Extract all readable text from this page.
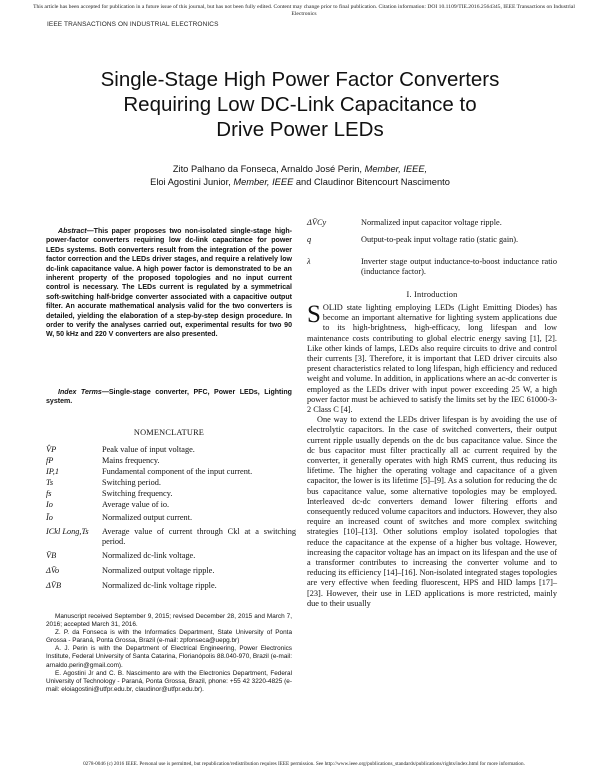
This article has been accepted for publication in a future issue of this journal, but has not been fully edited. Content may change prior to final publication. Citation information: DOI 10.1109/TIE.2016.2564345, IEEE Transactions on Industrial Electronics
IEEE TRANSACTIONS ON INDUSTRIAL ELECTRONICS
Single-Stage High Power Factor Converters
Requiring Low DC-Link Capacitance to
Drive Power LEDs
Zito Palhano da Fonseca, Arnaldo José Perin, Member, IEEE,
Eloi Agostini Junior, Member, IEEE and Claudinor Bitencourt Nascimento
Abstract—This paper proposes two non-isolated single-stage high-power-factor converters requiring low dc-link capacitance for power LEDs systems. Both converters result from the integration of the power factor correction and the LEDs driver stages, and require a relatively low dc-link capacitance value. A high power factor is demonstrated to be an inherent property of the proposed topologies and no input current control is necessary. The LEDs current is regulated by a symmetrical soft-switching half-bridge converter associated with a capacitive output filter. An accurate mathematical analysis valid for the two converters is detailed, yielding the elaboration of a step-by-step design procedure. In order to verify the analyses carried out, experimental results for two 90 W, 50 kHz and 220 V converters are also presented.
Index Terms—Single-stage converter, PFC, Power LEDs, Lighting system.
NOMENCLATURE
V̂P	Peak value of input voltage.
fP	Mains frequency.
IP,1	Fundamental component of the input current.
Ts	Switching period.
fs	Switching frequency.
Io	Average value of io.
Īo	Normalized output current.
ICkl Long,Ts	Average value of current through Ckl at a switching period.
V̄B	Normalized dc-link voltage.
ΔV̄o	Normalized output voltage ripple.
ΔV̄B	Normalized dc-link voltage ripple.

Manuscript received September 9, 2015; revised December 28, 2015 and March 7, 2016; accepted March 31, 2016.

Z. P. da Fonseca is with the Informatics Department, State University of Ponta Grossa - Paraná, Ponta Grossa, Brazil (e-mail: zpfonseca@uepg.br)

A. J. Perin is with the Department of Electrical Engineering, Power Electronics Institute, Federal University of Santa Catarina, Florianópolis 88.040-970, Brazil (e-mail: arnaldo.perin@gmail.com).

E. Agostini Jr and C. B. Nascimento are with the Electronics Department, Federal University of Technology - Paraná, Ponta Grossa, Brazil, phone: +55 42 3220-4825 (e-mail: eloiagostini@utfpr.edu.br, claudinor@utfpr.edu.br).

ΔV̄Cy	Normalized input capacitor voltage ripple.
q	Output-to-peak input voltage ratio (static gain).
λ	Inverter stage output inductance-to-boost inductance ratio (inductance factor).
I. Introduction

SOLID state lighting employing LEDs (Light Emitting Diodes) has become an important alternative for lighting system applications due to its high-brightness, high-efficacy, long lifespan and low maintenance costs contributing to global electric energy saving [1], [2]. Like other kinds of lamps, LEDs also require circuits to drive and control their currents [3]. Therefore, it is important that LED driver circuits also present characteristics related to long lifespan, high efficiency and reduced weight and volume. In addition, in applications where an ac-dc converter is employed as the LEDs driver with input power exceeding 25 W, a high power factor must be achieved to satisfy the limits set by the IEC 61000-3-2 Class C [4].

One way to extend the LEDs driver lifespan is by avoiding the use of electrolytic capacitors. In the case of switched converters, their output current ripple usually depends on the dc bus capacitance value. Since the dc bus capacitor must filter practically all ac current required by the converter, it generally operates with high RMS current, thus reducing its lifetime. The higher the operating voltage and capacitance of a given capacitor, the lower is its lifetime [5]–[9]. As a solution for reducing the dc bus capacitance value, some alternative topologies may be employed. Interleaved dc-dc converters demand lower filtering efforts and consequently reduced volume capacitors and inductors. However, they also require an increased count of switches and more complex switching strategies [10]–[13]. Other solutions employ isolated topologies that reduce the capacitance at the expense of a higher bus voltage. However, increasing the capacitor voltage has an impact on its lifespan and the use of a transformer contributes to increasing the converter volume and to reducing its efficiency [14]–[16]. Non-isolated integrated stages topologies are very effective when feeding fluorescent, HPS and HID lamps [17]–[23]. However, their use in LED applications is more restricted, mainly due to their usually

0278-0046 (c) 2016 IEEE. Personal use is permitted, but republication/redistribution requires IEEE permission. See http://www.ieee.org/publications_standards/publications/rights/index.html for more information.
